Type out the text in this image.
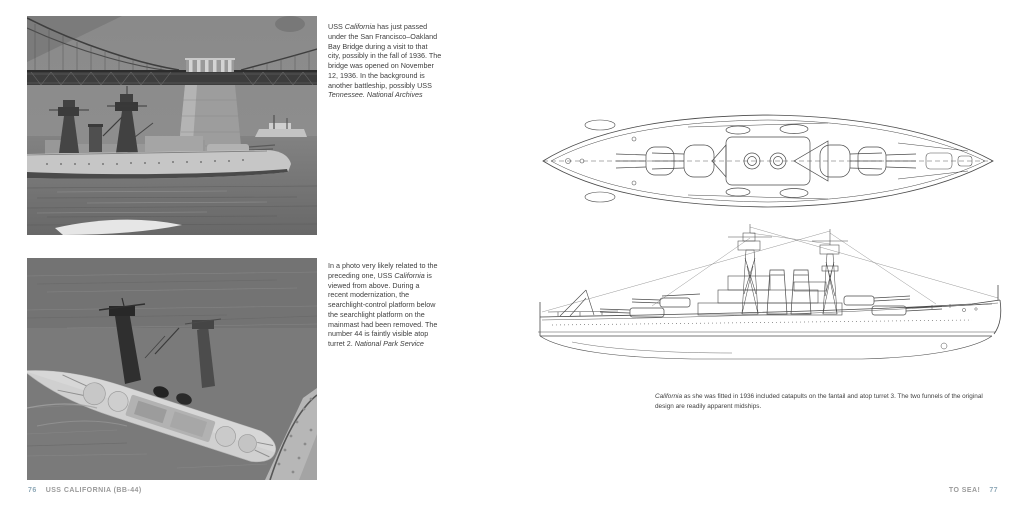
USS California has just passed
under the San Francisco–Oakland
Bay Bridge during a visit to that
city, possibly in the fall of 1936. The
bridge was opened on November
12, 1936. In the background is
another battleship, possibly USS
Tennessee. National Archives
In a photo very likely related to the
preceding one, USS California is
viewed from above. During a
recent modernization, the
searchlight-control platform below
the searchlight platform on the
mainmast had been removed. The
number 44 is faintly visible atop
turret 2. National Park Service
76 USS CALIFORNIA (BB-44)
California as she was fitted in 1936 included catapults on the fantail and atop turret 3. The two funnels of the original
design are readily apparent midships.
TO SEA! 77
